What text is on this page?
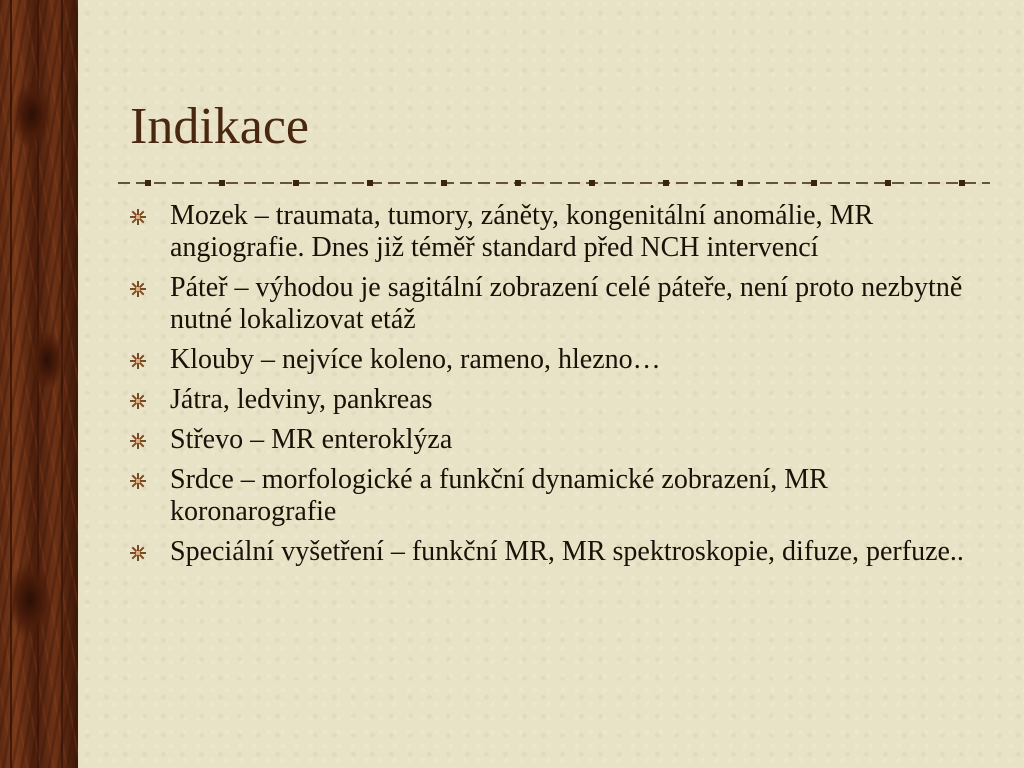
Indikace
Mozek – traumata, tumory, záněty, kongenitální anomálie, MR angiografie. Dnes již téměř standard před NCH intervencí
Páteř – výhodou je sagitální zobrazení celé páteře, není proto nezbytně nutné lokalizovat etáž
Klouby – nejvíce koleno, rameno, hlezno…
Játra, ledviny, pankreas
Střevo – MR enteroklýza
Srdce – morfologické a funkční dynamické zobrazení, MR koronarografie
Speciální vyšetření – funkční MR, MR spektroskopie, difuze, perfuze..
